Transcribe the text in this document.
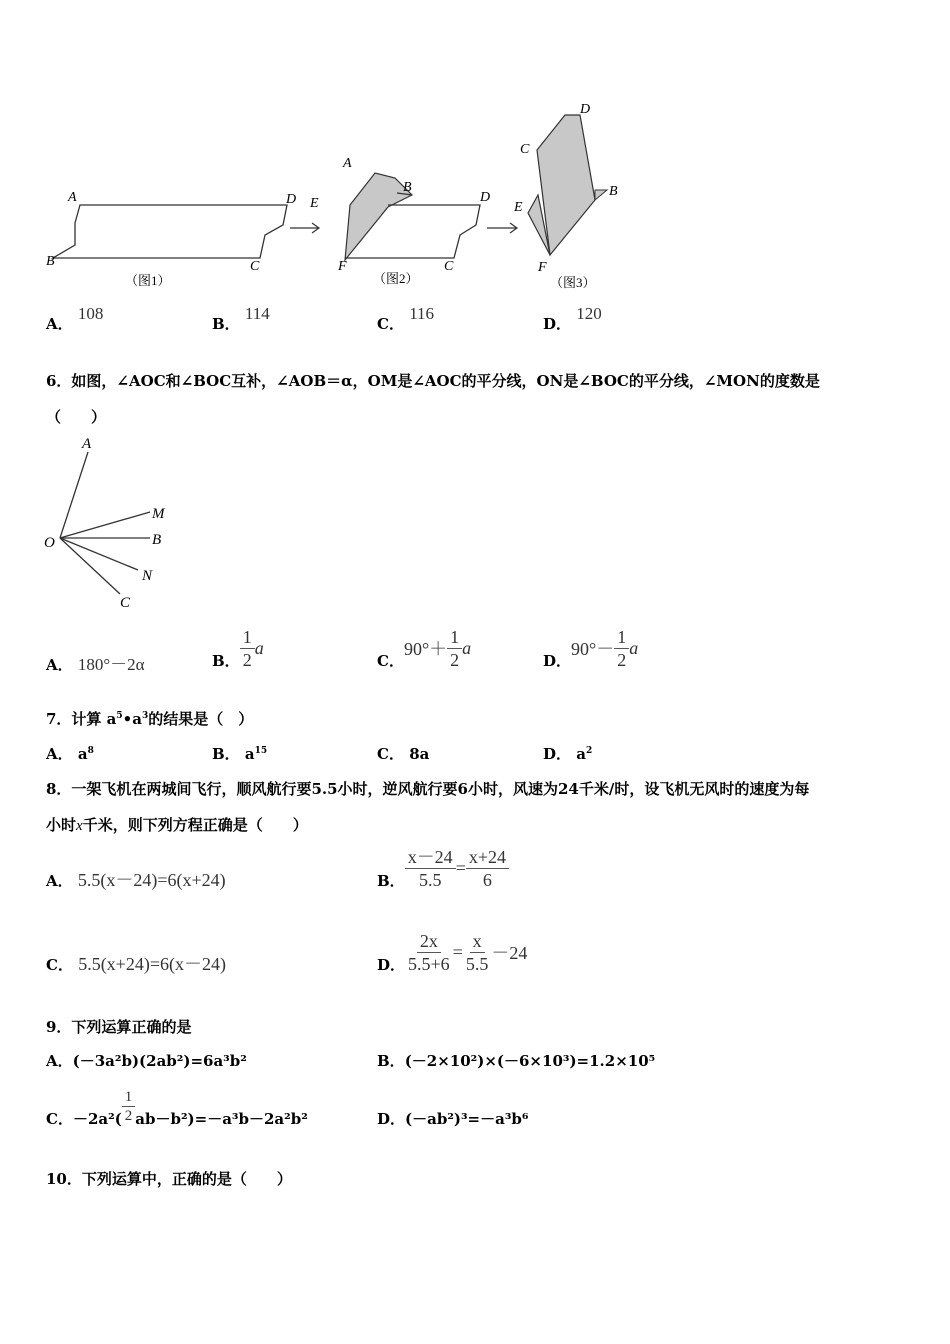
A
B	C
D
（图1）
A
B
C
D
E
F
（图2）
C
D
B
E
F
（图3）
A． 108
B． 114
C． 116
D． 120
6．如图，∠AOC和∠BOC互补，∠AOB＝α，OM是∠AOC的平分线，ON是∠BOC的平分线，∠MON的度数是
（　　）
A
M
O	B
N
C
A． 180°－2α	B． $\frac{1}{2}$ a
C．
$90^\circ+ \frac{1}{2}$ a
D．
$90^\circ- \frac{1}{2}$ a
7．计算 $a^5•a^3$的结果是（　）
A． $a^8$	B． $a^{15}$	C． 8a	D． $a^2$
8．一架飞机在两城间飞行，顺风航行要5.5小时，逆风航行要6小时，风速为24千米/时，设飞机无风时的速度为每
小时x千米，则下列方程正确是（　　）
A． 5.5(x－24)=6(x+24)	B． $\frac{x-24}{5.5} = \frac{x+24}{6}$
C． 5.5(x+24)=6(x－24)	D． $\frac{2x}{5.5+6} = \frac{x}{5.5} -24$
9．下列运算正确的是
A．(－3a²b)(2ab²)=6a³b²	B．(－2×10²)×(－6×10³)=1.2×10⁵
C． $-2a^2( \frac{1}{2} ab-b^2)=-a^3b-2a^2b^2$	D．(－ab²)³=－a³b⁶
10．下列运算中，正确的是（　　）
